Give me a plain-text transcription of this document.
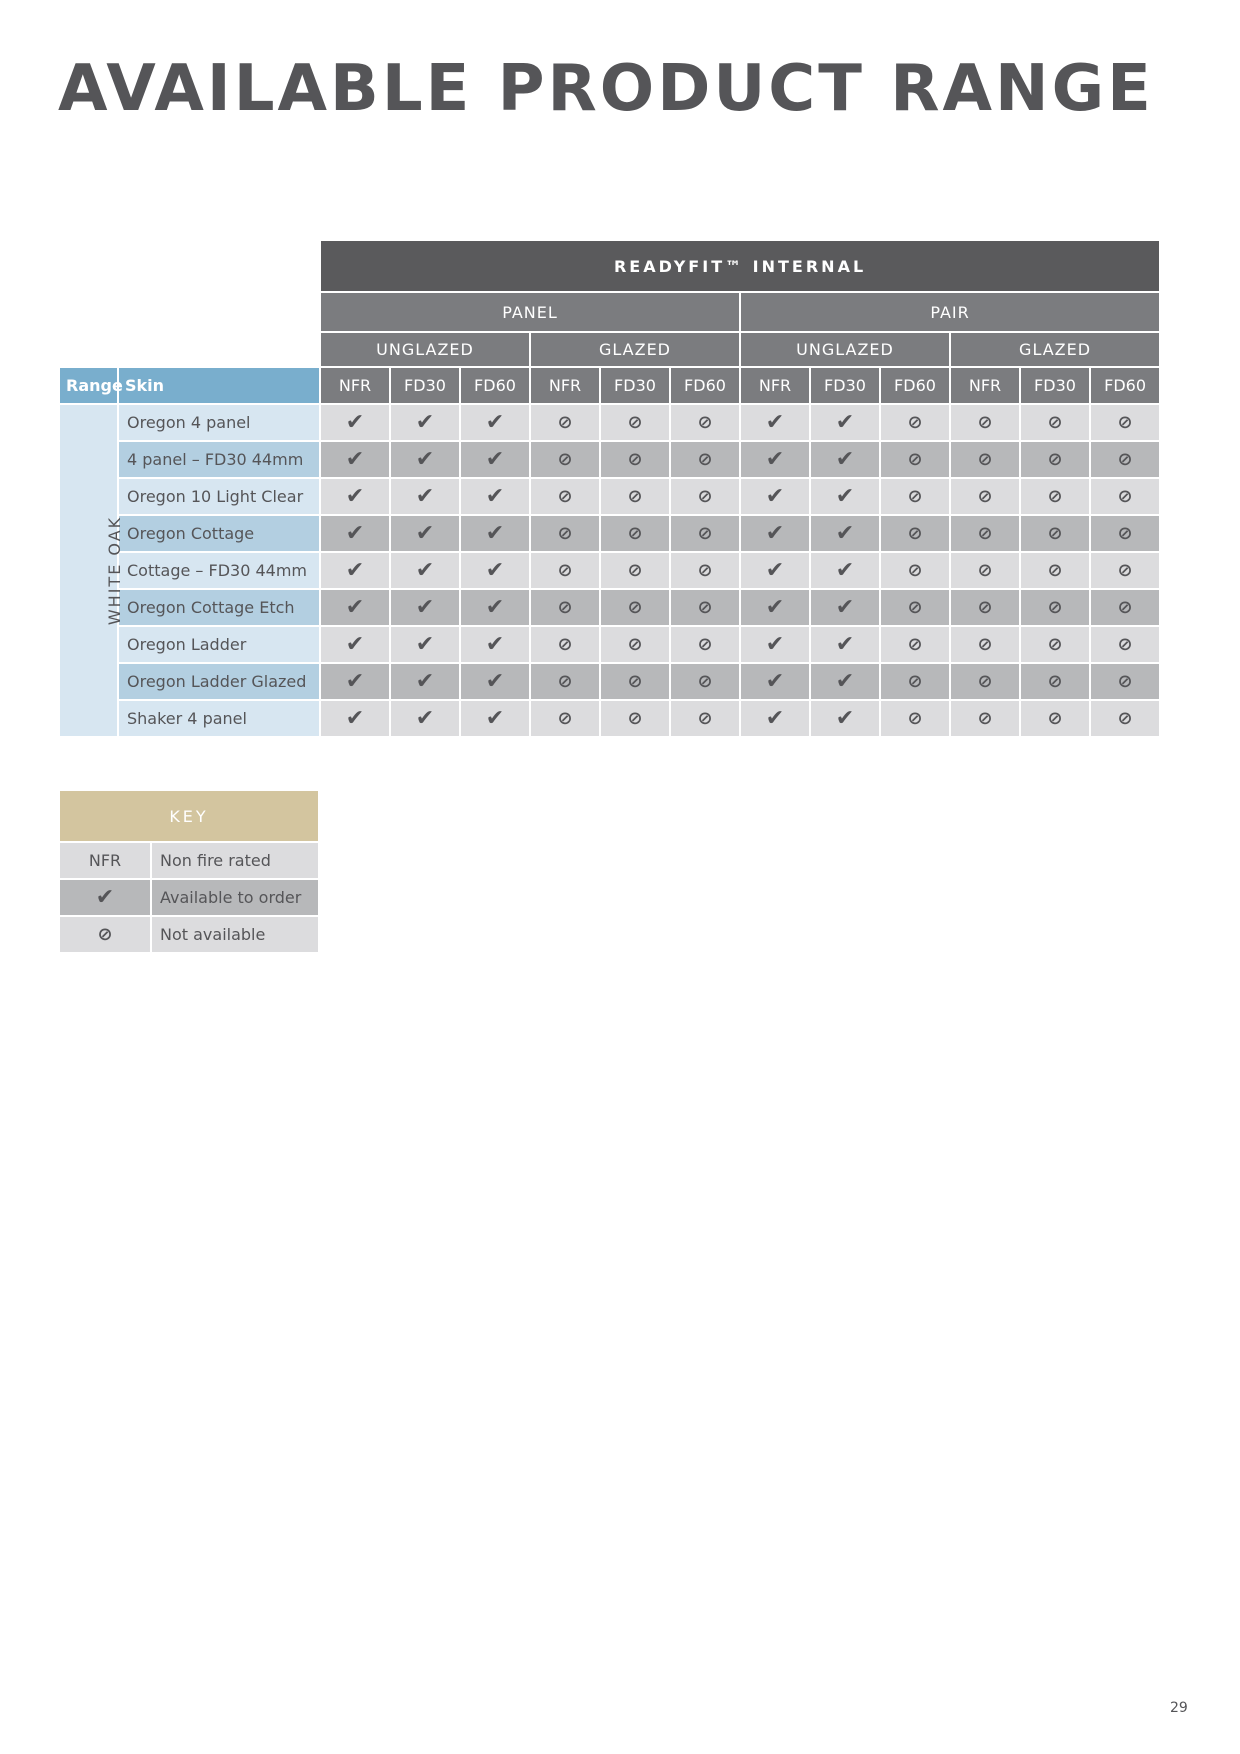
AVAILABLE PRODUCT RANGE
		READYFIT™ INTERNAL											
		PANEL						PAIR					
		UNGLAZED			GLAZED			UNGLAZED			GLAZED		
Range	Skin	NFR	FD30	FD60	NFR	FD30	FD60	NFR	FD30	FD60	NFR	FD30	FD60
WHITE OAK	Oregon 4 panel	✔	✔	✔	⊘	⊘	⊘	✔	✔	⊘	⊘	⊘	⊘
	4 panel – FD30 44mm	✔	✔	✔	⊘	⊘	⊘	✔	✔	⊘	⊘	⊘	⊘
	Oregon 10 Light Clear	✔	✔	✔	⊘	⊘	⊘	✔	✔	⊘	⊘	⊘	⊘
	Oregon Cottage	✔	✔	✔	⊘	⊘	⊘	✔	✔	⊘	⊘	⊘	⊘
	Cottage – FD30 44mm	✔	✔	✔	⊘	⊘	⊘	✔	✔	⊘	⊘	⊘	⊘
	Oregon Cottage Etch	✔	✔	✔	⊘	⊘	⊘	✔	✔	⊘	⊘	⊘	⊘
	Oregon Ladder	✔	✔	✔	⊘	⊘	⊘	✔	✔	⊘	⊘	⊘	⊘
	Oregon Ladder Glazed	✔	✔	✔	⊘	⊘	⊘	✔	✔	⊘	⊘	⊘	⊘
	Shaker 4 panel	✔	✔	✔	⊘	⊘	⊘	✔	✔	⊘	⊘	⊘	⊘
KEY	
NFR	Non fire rated
✔	Available to order
⊘	Not available
29
